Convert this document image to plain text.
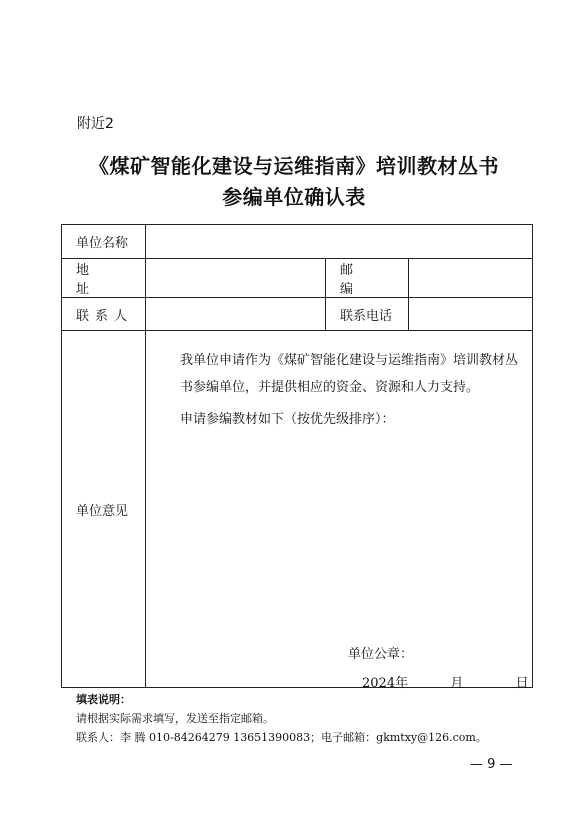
附近2
《煤矿智能化建设与运维指南》培训教材丛书
参编单位确认表
单位名称			
地 址		邮 编	
联系人		联系电话	
单位意见	我单位申请作为《煤矿智能化建设与运维指南》培训教材丛书参编单位，并提供相应的资金、资源和人力支持。
申请参编教材如下（按优先级排序）：
单位公章：
2024年 月 日		
填表说明：
请根据实际需求填写，发送至指定邮箱。
联系人：李 腾 010-84264279 13651390083；电子邮箱：gkmtxy@126.com。
— 9 —
